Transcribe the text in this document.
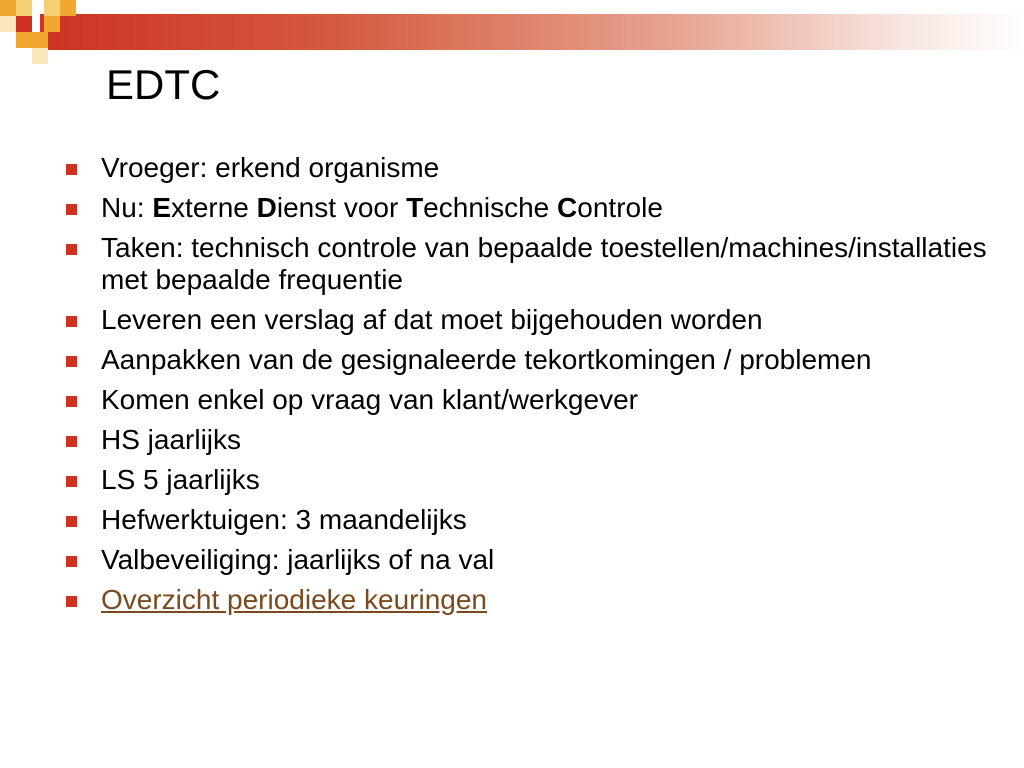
EDTC
Vroeger: erkend organisme
Nu: Externe Dienst voor Technische Controle
Taken: technisch controle van bepaalde toestellen/machines/installaties met bepaalde frequentie
Leveren een verslag af dat moet bijgehouden worden
Aanpakken van de gesignaleerde tekortkomingen / problemen
Komen enkel op vraag van klant/werkgever
HS jaarlijks
LS 5 jaarlijks
Hefwerktuigen: 3 maandelijks
Valbeveiliging: jaarlijks of na val
Overzicht periodieke keuringen
